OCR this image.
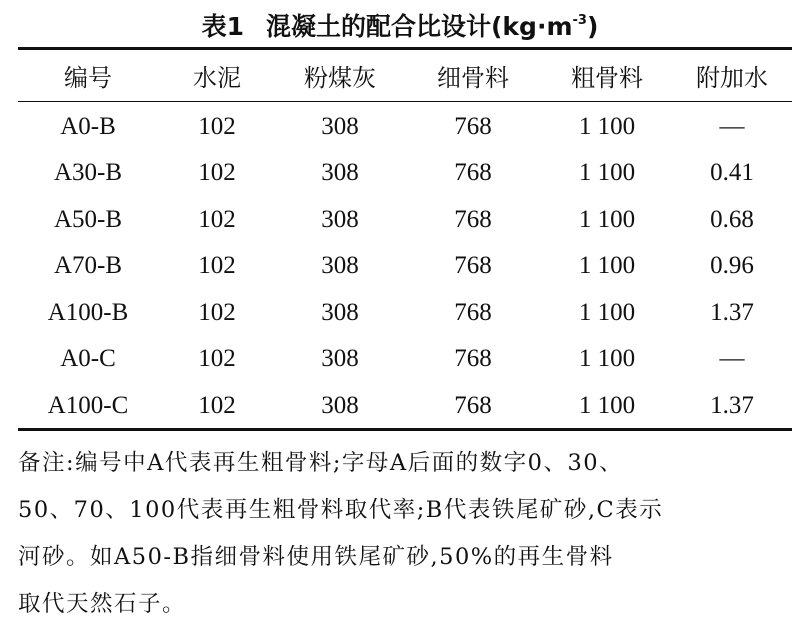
表1 混凝土的配合比设计$(kg\cdot m^{-3})$
编号	水泥	粉煤灰	细骨料	粗骨料	附加水
A0-B	102	308	768	1 100	—
A30-B	102	308	768	1 100	0.41
A50-B	102	308	768	1 100	0.68
A70-B	102	308	768	1 100	0.96
A100-B	102	308	768	1 100	1.37
A0-C	102	308	768	1 100	—
A100-C	102	308	768	1 100	1.37
备注:编号中A代表再生粗骨料;字母A后面的数字0、30、
50、70、100代表再生粗骨料取代率;B代表铁尾矿砂,C表示
河砂。如A50-B指细骨料使用铁尾矿砂,50%的再生骨料
取代天然石子。
